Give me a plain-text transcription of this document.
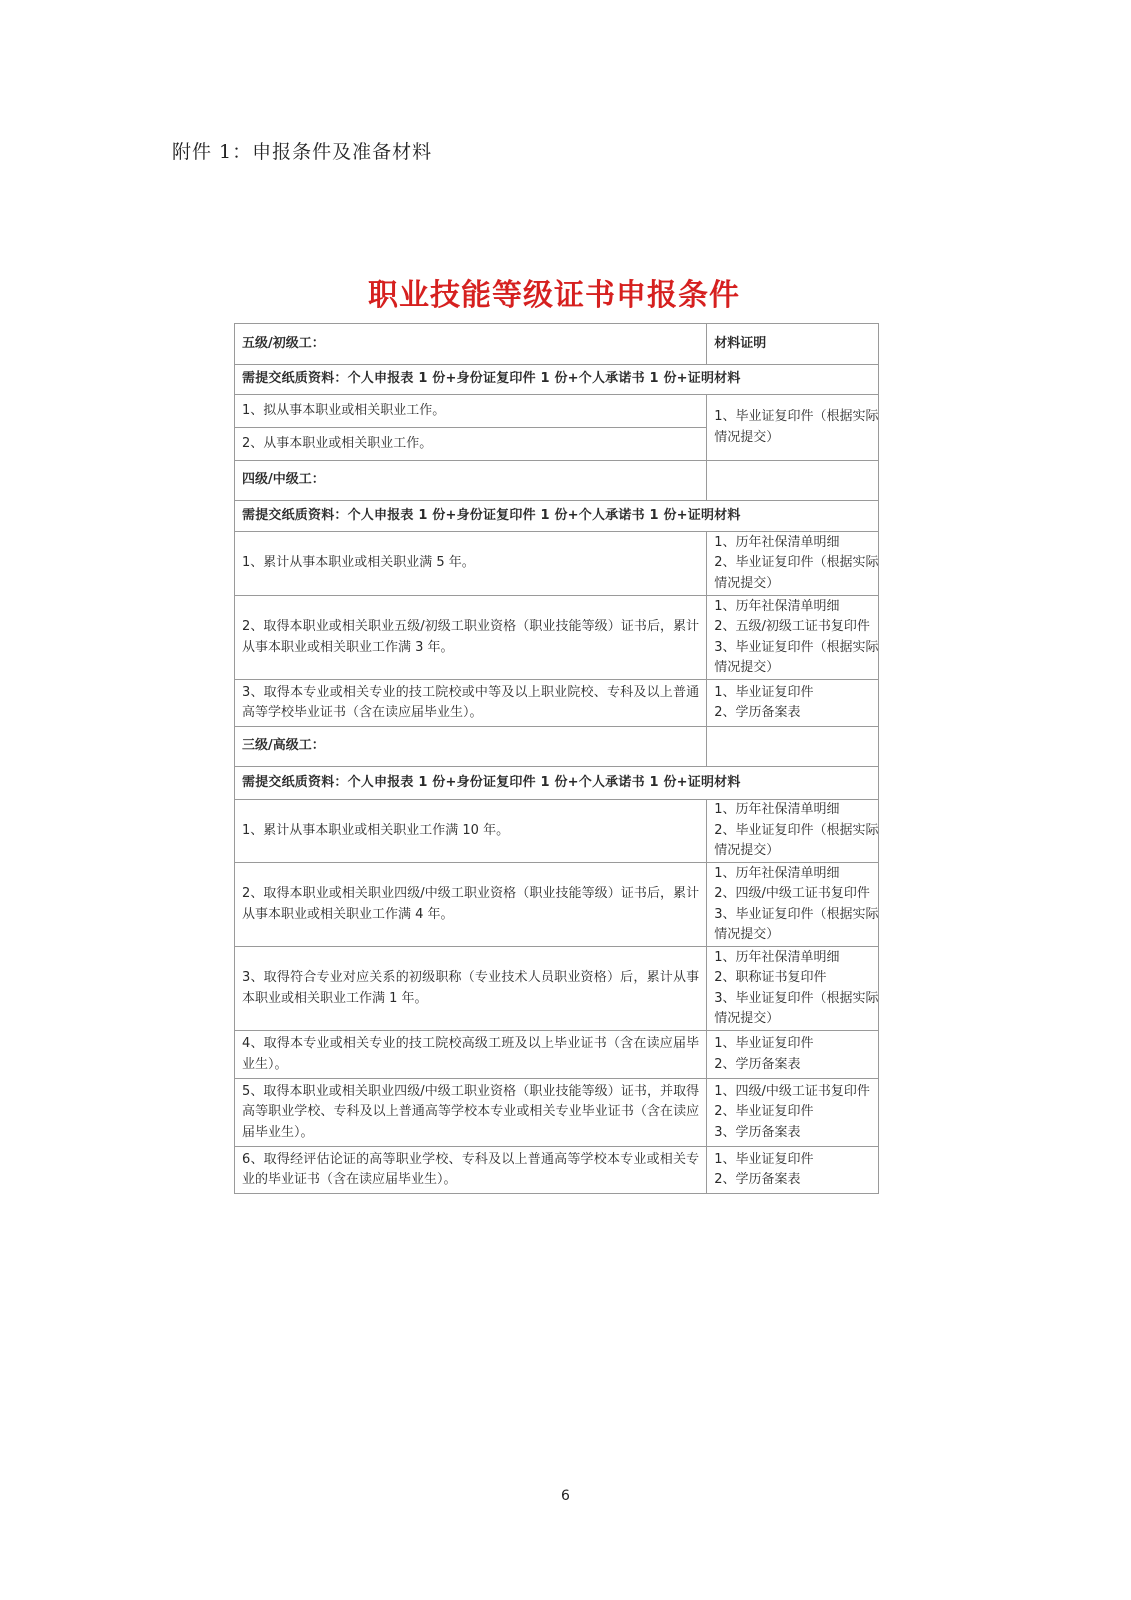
附件 1：申报条件及准备材料
职业技能等级证书申报条件
五级/初级工：	材料证明
需提交纸质资料：个人申报表 1 份+身份证复印件 1 份+个人承诺书 1 份+证明材料	
1、拟从事本职业或相关职业工作。	1、毕业证复印件（根据实际
情况提交）

2、从事本职业或相关职业工作。	
四级/中级工：	
需提交纸质资料：个人申报表 1 份+身份证复印件 1 份+个人承诺书 1 份+证明材料	
1、累计从事本职业或相关职业满 5 年。	1、历年社保清单明细
2、毕业证复印件（根据实际
情况提交）

2、取得本职业或相关职业五级/初级工职业资格（职业技能等级）证书后，累计从事本职业或相关职业工作满 3 年。	1、历年社保清单明细
2、五级/初级工证书复印件
3、毕业证复印件（根据实际
情况提交）

3、取得本专业或相关专业的技工院校或中等及以上职业院校、专科及以上普通高等学校毕业证书（含在读应届毕业生）。	1、毕业证复印件
2、学历备案表

三级/高级工：	
需提交纸质资料：个人申报表 1 份+身份证复印件 1 份+个人承诺书 1 份+证明材料	
1、累计从事本职业或相关职业工作满 10 年。	1、历年社保清单明细
2、毕业证复印件（根据实际
情况提交）

2、取得本职业或相关职业四级/中级工职业资格（职业技能等级）证书后，累计从事本职业或相关职业工作满 4 年。	1、历年社保清单明细
2、四级/中级工证书复印件
3、毕业证复印件（根据实际
情况提交）

3、取得符合专业对应关系的初级职称（专业技术人员职业资格）后，累计从事本职业或相关职业工作满 1 年。	1、历年社保清单明细
2、职称证书复印件
3、毕业证复印件（根据实际
情况提交）

4、取得本专业或相关专业的技工院校高级工班及以上毕业证书（含在读应届毕业生）。	1、毕业证复印件
2、学历备案表

5、取得本职业或相关职业四级/中级工职业资格（职业技能等级）证书，并取得高等职业学校、专科及以上普通高等学校本专业或相关专业毕业证书（含在读应届毕业生）。	1、四级/中级工证书复印件
2、毕业证复印件
3、学历备案表

6、取得经评估论证的高等职业学校、专科及以上普通高等学校本专业或相关专业的毕业证书（含在读应届毕业生）。	1、毕业证复印件
2、学历备案表
6
